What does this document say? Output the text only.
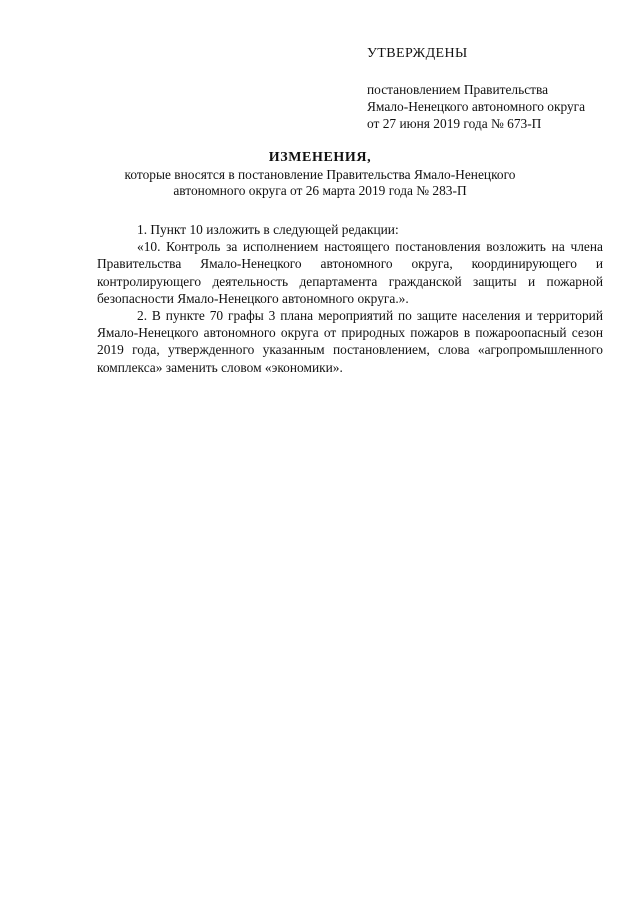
УТВЕРЖДЕНЫ
постановлением Правительства
Ямало-Ненецкого автономного округа
от 27 июня 2019 года № 673-П
ИЗМЕНЕНИЯ,
которые вносятся в постановление Правительства Ямало-Ненецкого
автономного округа от 26 марта 2019 года № 283-П

1. Пункт 10 изложить в следующей редакции:

«10. Контроль за исполнением настоящего постановления возложить на члена Правительства Ямало-Ненецкого автономного округа, координирующего и контролирующего деятельность департамента гражданской защиты и пожарной безопасности Ямало-Ненецкого автономного округа.».

2. В пункте 70 графы 3 плана мероприятий по защите населения и территорий Ямало-Ненецкого автономного округа от природных пожаров в пожароопасный сезон 2019 года, утвержденного указанным постановлением, слова «агропромышленного комплекса» заменить словом «экономики».
